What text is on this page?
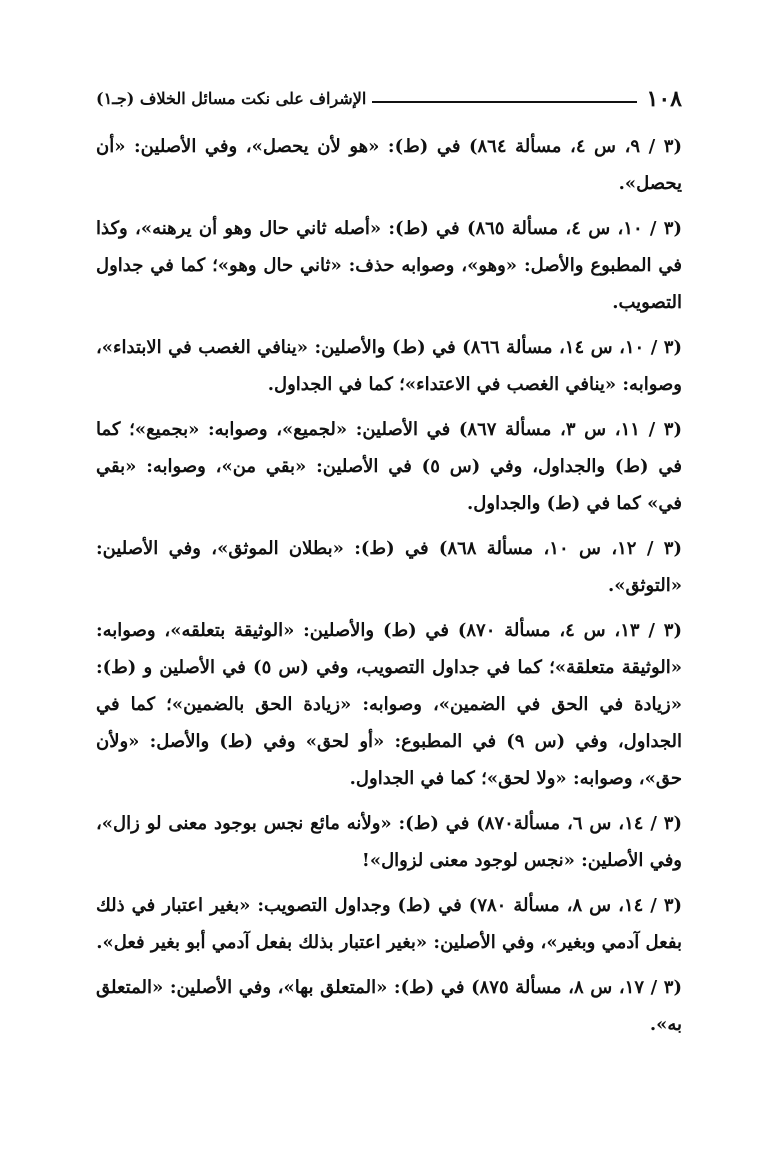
١٠٨
الإشراف على نكت مسائل الخلاف (جـ١)

(٣ / ٩، س ٤، مسألة ٨٦٤) في (ط): «هو لأن يحصل»، وفي الأصلين: «أن يحصل».

(٣ / ١٠، س ٤، مسألة ٨٦٥) في (ط): «أصله ثاني حال وهو أن يرهنه»، وكذا في المطبوع والأصل: «وهو»، وصوابه حذف: «ثاني حال وهو»؛ كما في جداول التصويب.

(٣ / ١٠، س ١٤، مسألة ٨٦٦) في (ط) والأصلين: «ينافي الغصب في الابتداء»، وصوابه: «ينافي الغصب في الاعتداء»؛ كما في الجداول.

(٣ / ١١، س ٣، مسألة ٨٦٧) في الأصلين: «لجميع»، وصوابه: «بجميع»؛ كما في (ط) والجداول، وفي (س ٥) في الأصلين: «بقي من»، وصوابه: «بقي في» كما في (ط) والجداول.

(٣ / ١٢، س ١٠، مسألة ٨٦٨) في (ط): «بطلان الموثق»، وفي الأصلين: «التوثق».

(٣ / ١٣، س ٤، مسألة ٨٧٠) في (ط) والأصلين: «الوثيقة بتعلقه»، وصوابه: «الوثيقة متعلقة»؛ كما في جداول التصويب، وفي (س ٥) في الأصلين و (ط): «زيادة في الحق في الضمين»، وصوابه: «زيادة الحق بالضمين»؛ كما في الجداول، وفي (س ٩) في المطبوع: «أو لحق» وفي (ط) والأصل: «ولأن حق»، وصوابه: «ولا لحق»؛ كما في الجداول.

(٣ / ١٤، س ٦، مسألة٨٧٠) في (ط): «ولأنه مائع نجس بوجود معنى لو زال»، وفي الأصلين: «نجس لوجود معنى لزوال»!

(٣ / ١٤، س ٨، مسألة ٧٨٠) في (ط) وجداول التصويب: «بغير اعتبار في ذلك بفعل آدمي وبغير»، وفي الأصلين: «بغير اعتبار بذلك بفعل آدمي أبو بغير فعل».

(٣ / ١٧، س ٨، مسألة ٨٧٥) في (ط): «المتعلق بها»، وفي الأصلين: «المتعلق به».
